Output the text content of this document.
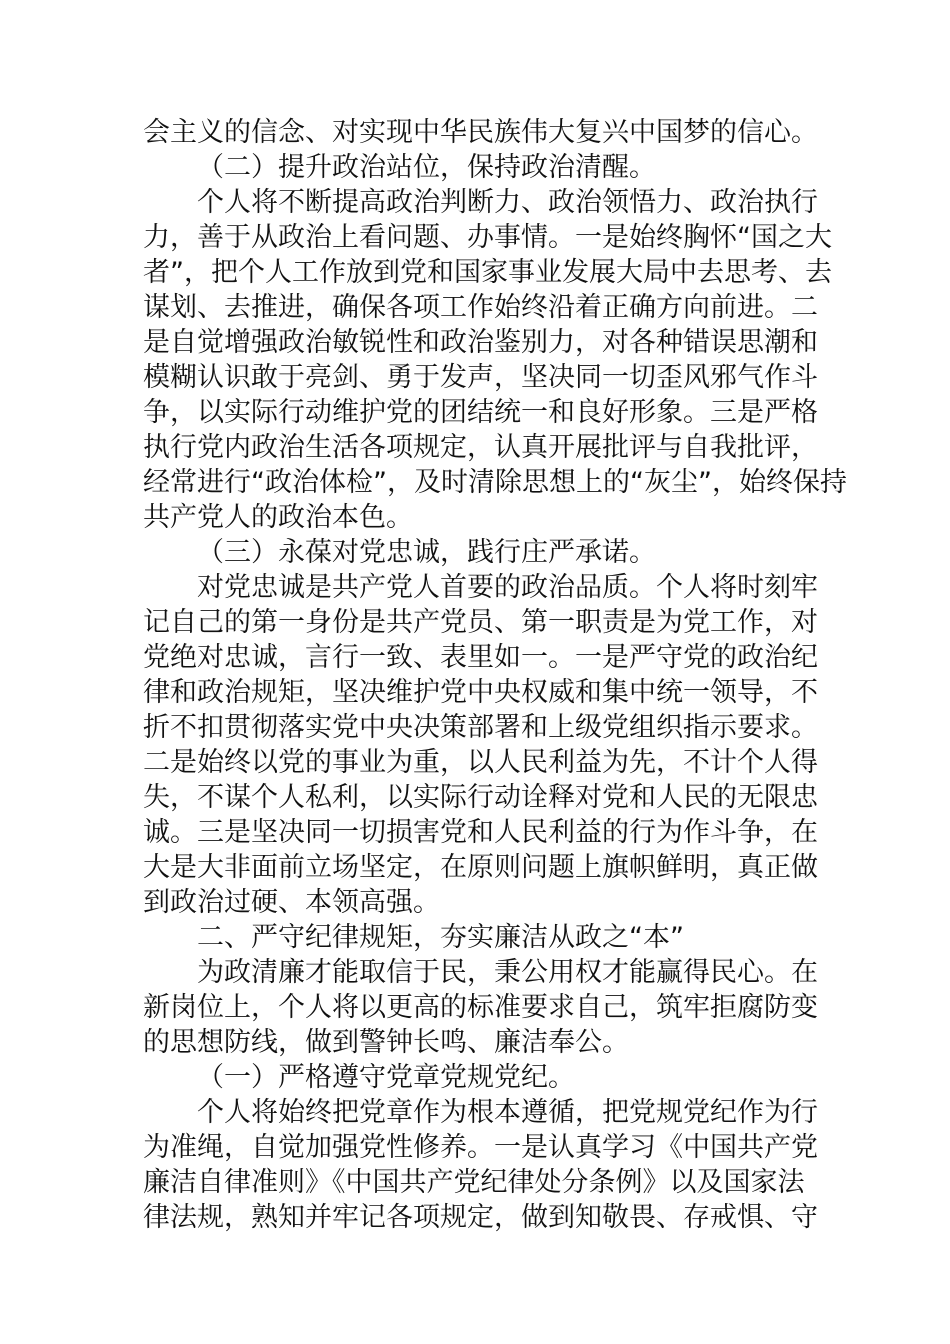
会主义的信念、对实现中华民族伟大复兴中国梦的信心。
（二）提升政治站位，保持政治清醒。
个人将不断提高政治判断力、政治领悟力、政治执行
力，善于从政治上看问题、办事情。一是始终胸怀“国之大
者”，把个人工作放到党和国家事业发展大局中去思考、去
谋划、去推进，确保各项工作始终沿着正确方向前进。二
是自觉增强政治敏锐性和政治鉴别力，对各种错误思潮和
模糊认识敢于亮剑、勇于发声，坚决同一切歪风邪气作斗
争，以实际行动维护党的团结统一和良好形象。三是严格
执行党内政治生活各项规定，认真开展批评与自我批评，
经常进行“政治体检”，及时清除思想上的“灰尘”，始终保持
共产党人的政治本色。
（三）永葆对党忠诚，践行庄严承诺。
对党忠诚是共产党人首要的政治品质。个人将时刻牢
记自己的第一身份是共产党员、第一职责是为党工作，对
党绝对忠诚，言行一致、表里如一。一是严守党的政治纪
律和政治规矩，坚决维护党中央权威和集中统一领导，不
折不扣贯彻落实党中央决策部署和上级党组织指示要求。
二是始终以党的事业为重，以人民利益为先，不计个人得
失，不谋个人私利，以实际行动诠释对党和人民的无限忠
诚。三是坚决同一切损害党和人民利益的行为作斗争，在
大是大非面前立场坚定，在原则问题上旗帜鲜明，真正做
到政治过硬、本领高强。
二、严守纪律规矩，夯实廉洁从政之“本”
为政清廉才能取信于民，秉公用权才能赢得民心。在
新岗位上，个人将以更高的标准要求自己，筑牢拒腐防变
的思想防线，做到警钟长鸣、廉洁奉公。
（一）严格遵守党章党规党纪。
个人将始终把党章作为根本遵循，把党规党纪作为行
为准绳，自觉加强党性修养。一是认真学习《中国共产党
廉洁自律准则》《中国共产党纪律处分条例》以及国家法
律法规，熟知并牢记各项规定，做到知敬畏、存戒惧、守
